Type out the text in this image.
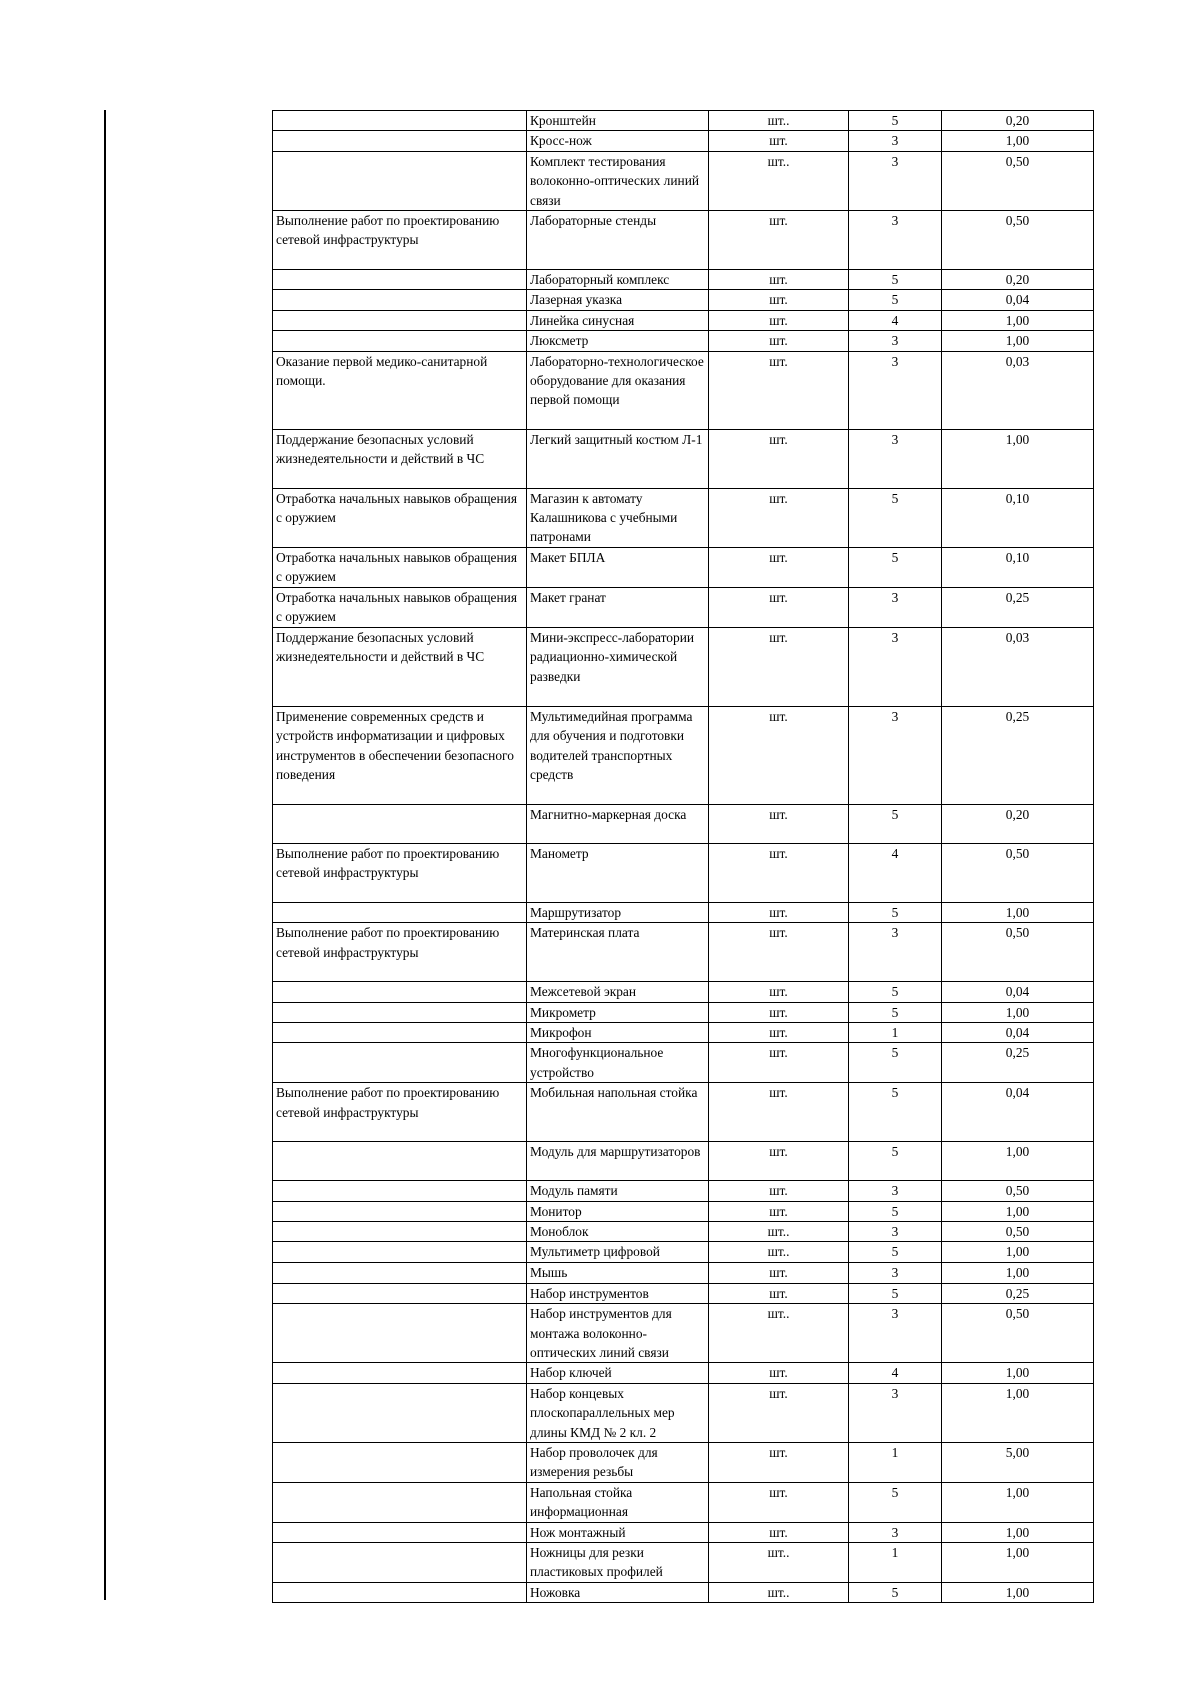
	Кронштейн	шт..	5	0,20
	Кросс-нож	шт.	3	1,00
	Комплект тестирования волоконно-оптических линий связи	шт..	3	0,50
Выполнение работ по проектированию сетевой инфраструктуры	Лабораторные стенды	шт.	3	0,50
	Лабораторный комплекс	шт.	5	0,20
	Лазерная указка	шт.	5	0,04
	Линейка синусная	шт.	4	1,00
	Люксметр	шт.	3	1,00
Оказание первой медико-санитарной помощи.	Лабораторно-технологическое оборудование для оказания первой помощи	шт.	3	0,03
Поддержание безопасных условий жизнедеятельности и действий в ЧС	Легкий защитный костюм Л-1	шт.	3	1,00
Отработка начальных навыков обращения с оружием	Магазин к автомату Калашникова с учебными патронами	шт.	5	0,10
Отработка начальных навыков обращения с оружием	Макет БПЛА	шт.	5	0,10
Отработка начальных навыков обращения с оружием	Макет гранат	шт.	3	0,25
Поддержание безопасных условий жизнедеятельности и действий в ЧС	Мини-экспресс-лаборатории радиационно-химической разведки	шт.	3	0,03
Применение современных средств и устройств информатизации и цифровых инструментов в обеспечении безопасного поведения	Мультимедийная программа для обучения и подготовки водителей транспортных средств	шт.	3	0,25
	Магнитно-маркерная доска	шт.	5	0,20
Выполнение работ по проектированию сетевой инфраструктуры	Манометр	шт.	4	0,50
	Маршрутизатор	шт.	5	1,00
Выполнение работ по проектированию сетевой инфраструктуры	Материнская плата	шт.	3	0,50
	Межсетевой экран	шт.	5	0,04
	Микрометр	шт.	5	1,00
	Микрофон	шт.	1	0,04
	Многофункциональное устройство	шт.	5	0,25
Выполнение работ по проектированию сетевой инфраструктуры	Мобильная напольная стойка	шт.	5	0,04
	Модуль для маршрутизаторов	шт.	5	1,00
	Модуль памяти	шт.	3	0,50
	Монитор	шт.	5	1,00
	Моноблок	шт..	3	0,50
	Мультиметр цифровой	шт..	5	1,00
	Мышь	шт.	3	1,00
	Набор инструментов	шт.	5	0,25
	Набор инструментов для монтажа волоконно-оптических линий связи	шт..	3	0,50
	Набор ключей	шт.	4	1,00
	Набор концевых плоскопараллельных мер длины КМД № 2 кл. 2	шт.	3	1,00
	Набор проволочек для измерения резьбы	шт.	1	5,00
	Напольная стойка информационная	шт.	5	1,00
	Нож монтажный	шт.	3	1,00
	Ножницы для резки пластиковых профилей	шт..	1	1,00
	Ножовка	шт..	5	1,00
